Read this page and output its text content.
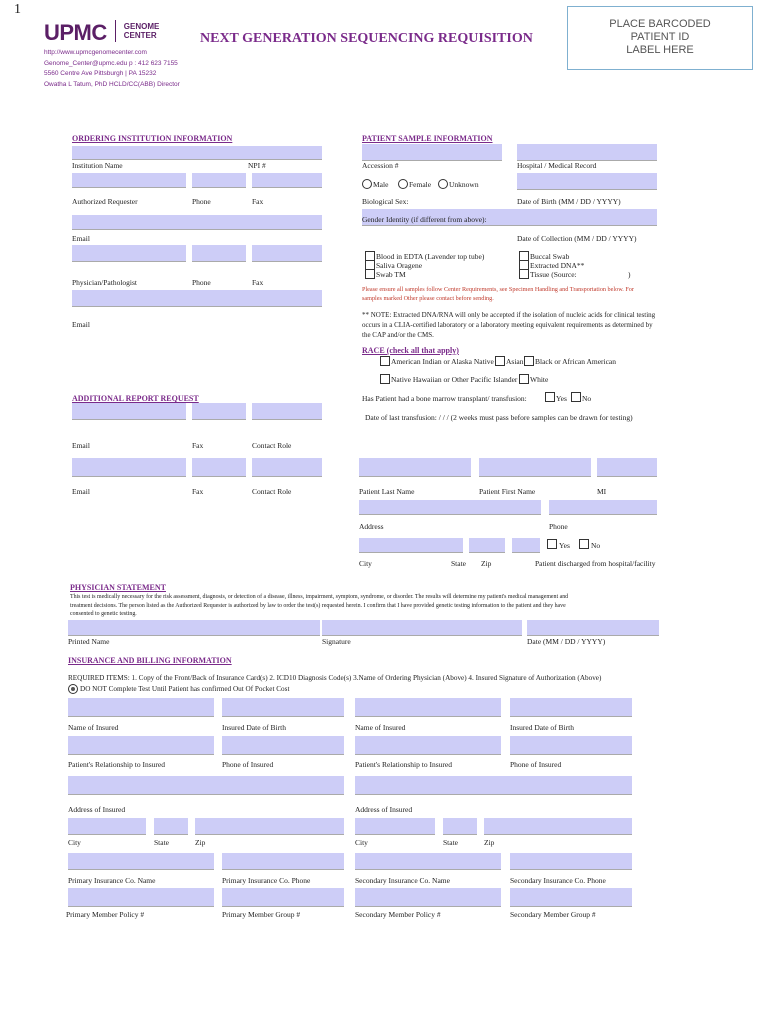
1
UPMC GENOME
CENTER
http://www.upmcgenomecenter.com
Genome_Center@upmc.edu p : 412 623 7155
5560 Centre Ave Pittsburgh | PA 15232
Owatha L Tatum, PhD HCLD/CC(ABB) Director
NEXT GENERATION SEQUENCING REQUISITION
PLACE BARCODED
PATIENT ID
LABEL HERE
ORDERING INSTITUTION INFORMATION
Institution Name	NPI #
Authorized Requester	Phone	Fax
Email
Physician/Pathologist	Phone	Fax
Email
PATIENT SAMPLE INFORMATION
Accession #	Hospital / Medical Record
Male	Female Unknown
Biological Sex:	Date of Birth (MM / DD / YYYY)
Gender Identity (if different from above):
Date of Collection (MM / DD / YYYY)
Blood in EDTA (Lavender top tube)
Saliva Oragene
Swab TM
Buccal Swab
Extracted DNA**
Tissue (Source:	)
Please ensure all samples follow Center Requirements, see Specimen Handling and Transportation below. For
samples marked Other please contact before sending.
** NOTE: Extracted DNA/RNA will only be accepted if the isolation of nucleic acids for clinical testing
occurs in a CLIA-certified laboratory or a laboratory meeting equivalent requirements as determined by
the CAP and/or the CMS.
RACE (check all that apply)
American Indian or Alaska Native Asian Black or African American
Native Hawaiian or Other Pacific Islander White
Has Patient had a bone marrow transplant/ transfusion:	Yes No
Date of last transfusion: / / / (2 weeks must pass before samples can be drawn for testing)
ADDITIONAL REPORT REQUEST
Email	Fax	Contact Role
Email	Fax	Contact Role	Patient Last Name	Patient First Name	MI
Address	Phone
Yes	No
City	State Zip	Patient discharged from hospital/facility
PHYSICIAN STATEMENT
This test is medically necessary for the risk assessment, diagnosis, or detection of a disease, illness, impairment, symptom, syndrome, or disorder. The results will determine my patient's medical management and
treatment decisions. The person listed as the Authorized Requester is authorized by law to order the test(s) requested herein. I confirm that I have provided genetic testing information to the patient and they have
consented to genetic testing.
Printed Name	Signature	Date (MM / DD / YYYY)
INSURANCE AND BILLING INFORMATION
REQUIRED ITEMS: 1. Copy of the Front/Back of Insurance Card(s) 2. ICD10 Diagnosis Code(s) 3.Name of Ordering Physician (Above) 4. Insured Signature of Authorization (Above)
DO NOT Complete Test Until Patient has confirmed Out Of Pocket Cost
Name of Insured	Insured Date of Birth
Patient's Relationship to Insured	Phone of Insured
Address of Insured
City	State	Zip
Primary Insurance Co. Name	Primary Insurance Co. Phone
Primary Member Policy #	Primary Member Group #
Name of Insured	Insured Date of Birth
Patient's Relationship to Insured	Phone of Insured
Address of Insured
City	State	Zip
Secondary Insurance Co. Name	Secondary Insurance Co. Phone
Secondary Member Policy #	Secondary Member Group #
